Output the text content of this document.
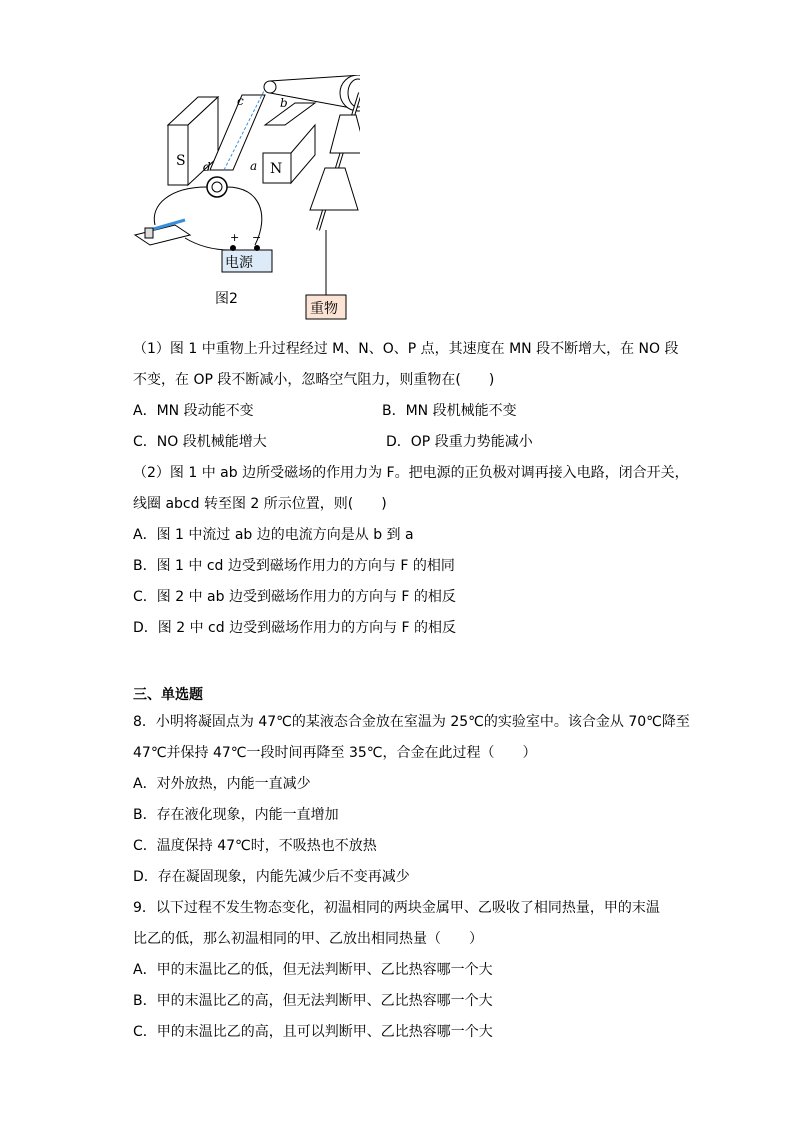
S
c
d	a
b
N
重物
电源
+ −
图2
（1）图 1 中重物上升过程经过 M、N、O、P 点，其速度在 MN 段不断增大，在 NO 段
不变，在 OP 段不断减小，忽略空气阻力，则重物在(　　)
A．MN 段动能不变	B．MN 段机械能不变
C．NO 段机械能增大	D．OP 段重力势能减小
（2）图 1 中 ab 边所受磁场的作用力为 F。把电源的正负极对调再接入电路，闭合开关，
线圈 abcd 转至图 2 所示位置，则(　　)
A．图 1 中流过 ab 边的电流方向是从 b 到 a
B．图 1 中 cd 边受到磁场作用力的方向与 F 的相同
C．图 2 中 ab 边受到磁场作用力的方向与 F 的相反
D．图 2 中 cd 边受到磁场作用力的方向与 F 的相反
三、单选题
8．小明将凝固点为 47℃的某液态合金放在室温为 25℃的实验室中。该合金从 70℃降至
47℃并保持 47℃一段时间再降至 35℃，合金在此过程（　　）
A．对外放热，内能一直减少
B．存在液化现象，内能一直增加
C．温度保持 47℃时，不吸热也不放热
D．存在凝固现象，内能先减少后不变再减少
9．以下过程不发生物态变化，初温相同的两块金属甲、乙吸收了相同热量，甲的末温
比乙的低，那么初温相同的甲、乙放出相同热量（　　）
A．甲的末温比乙的低，但无法判断甲、乙比热容哪一个大
B．甲的末温比乙的高，但无法判断甲、乙比热容哪一个大
C．甲的末温比乙的高，且可以判断甲、乙比热容哪一个大
